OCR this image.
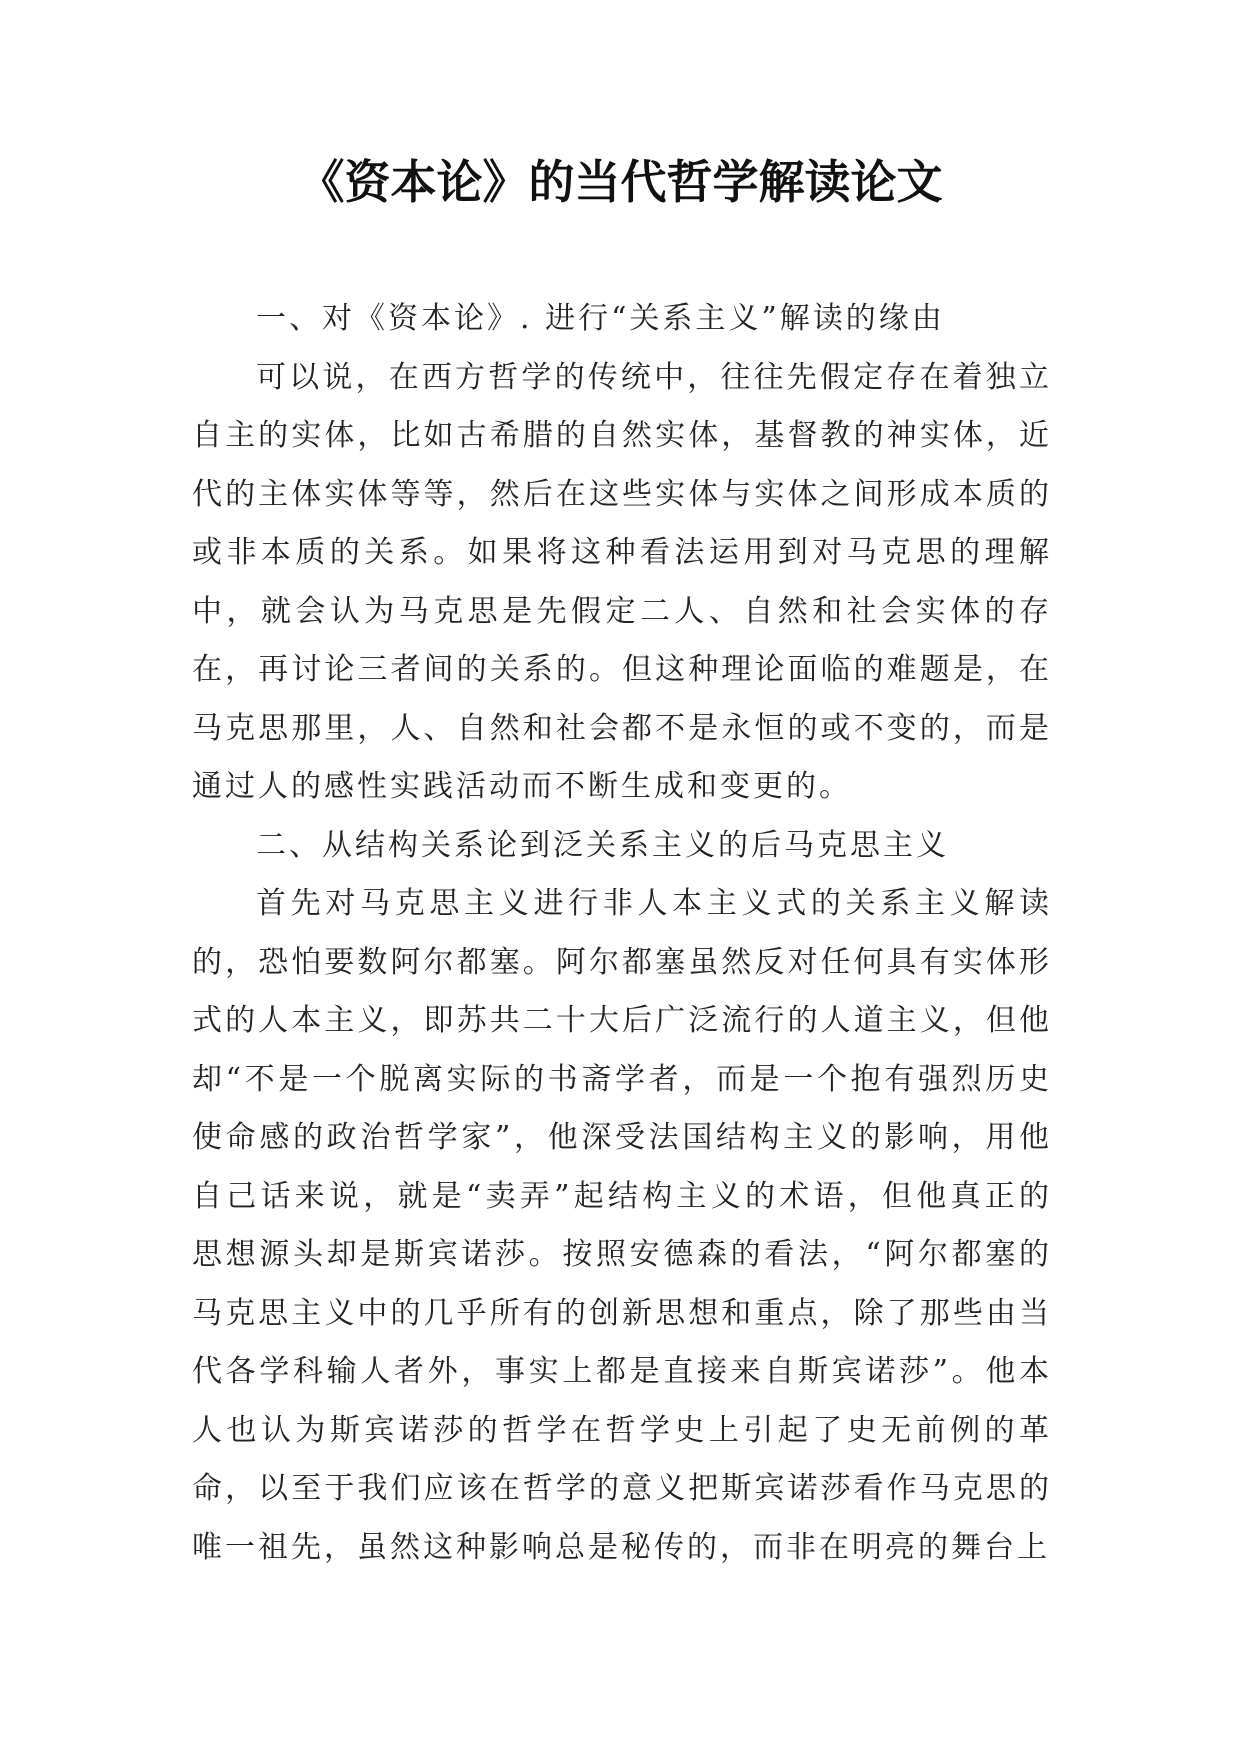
《资本论》的当代哲学解读论文

一、对《资本论》. 进行“关系主义”解读的缘由

可以说，在西方哲学的传统中，往往先假定存在着独立自主的实体，比如古希腊的自然实体，基督教的神实体，近代的主体实体等等，然后在这些实体与实体之间形成本质的或非本质的关系。如果将这种看法运用到对马克思的理解中，就会认为马克思是先假定二人、自然和社会实体的存在，再讨论三者间的关系的。但这种理论面临的难题是，在马克思那里，人、自然和社会都不是永恒的或不变的，而是通过人的感性实践活动而不断生成和变更的。

二、从结构关系论到泛关系主义的后马克思主义

首先对马克思主义进行非人本主义式的关系主义解读的，恐怕要数阿尔都塞。阿尔都塞虽然反对任何具有实体形式的人本主义，即苏共二十大后广泛流行的人道主义，但他却“不是一个脱离实际的书斋学者，而是一个抱有强烈历史使命感的政治哲学家”，他深受法国结构主义的影响，用他自己话来说，就是“卖弄”起结构主义的术语，但他真正的思想源头却是斯宾诺莎。按照安德森的看法，“阿尔都塞的马克思主义中的几乎所有的创新思想和重点，除了那些由当代各学科输人者外，事实上都是直接来自斯宾诺莎”。他本人也认为斯宾诺莎的哲学在哲学史上引起了史无前例的革命，以至于我们应该在哲学的意义把斯宾诺莎看作马克思的唯一祖先，虽然这种影响总是秘传的，而非在明亮的舞台上
